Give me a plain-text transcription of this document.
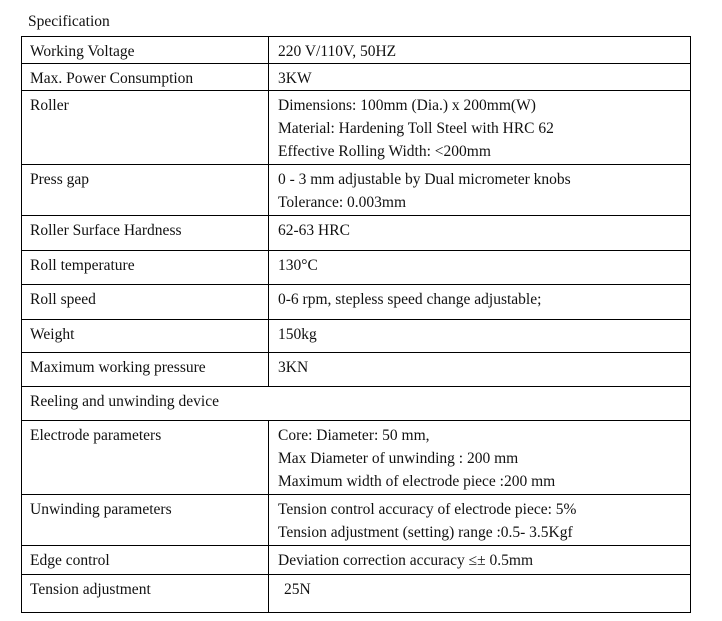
Specification
Working Voltage	220 V/110V, 50HZ

Max. Power Consumption	3KW

Roller	Dimensions: 100mm (Dia.) x 200mm(W)
Material: Hardening Toll Steel with HRC 62
Effective Rolling Width: <200mm

Press gap	0 - 3 mm adjustable by Dual micrometer knobs
Tolerance: 0.003mm

Roller Surface Hardness	62-63 HRC

Roll temperature	130°C

Roll speed	0-6 rpm, stepless speed change adjustable;

Weight	150kg

Maximum working pressure	3KN

Reeling and unwinding device	
Electrode parameters	Core: Diameter: 50 mm,
Max Diameter of unwinding : 200 mm
Maximum width of electrode piece :200 mm

Unwinding parameters	Tension control accuracy of electrode piece: 5%
Tension adjustment (setting) range :0.5- 3.5Kgf

Edge control	Deviation correction accuracy ≤± 0.5mm

Tension adjustment	25N
